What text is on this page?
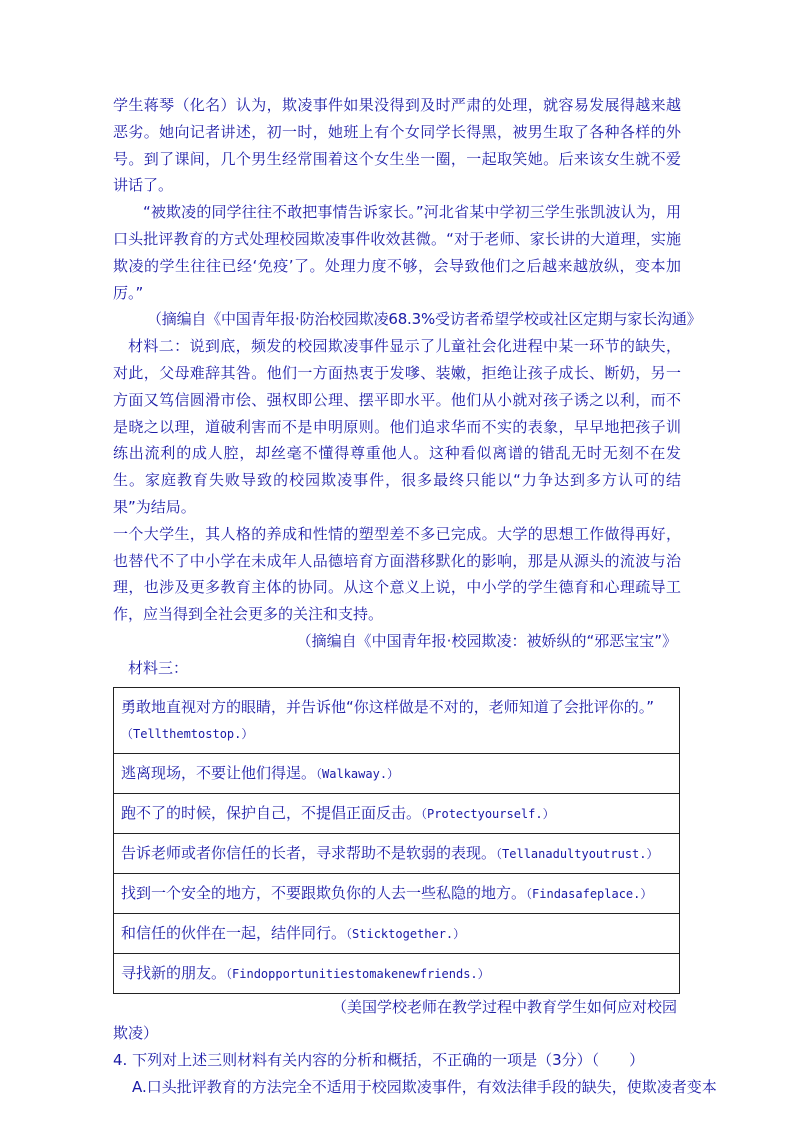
学生蒋琴（化名）认为，欺凌事件如果没得到及时严肃的处理，就容易发展得越来越恶劣。她向记者讲述，初一时，她班上有个女同学长得黑，被男生取了各种各样的外号。到了课间，几个男生经常围着这个女生坐一圈，一起取笑她。后来该女生就不爱讲话了。

“被欺凌的同学往往不敢把事情告诉家长。”河北省某中学初三学生张凯波认为，用口头批评教育的方式处理校园欺凌事件收效甚微。“对于老师、家长讲的大道理，实施欺凌的学生往往已经‘免疫’了。处理力度不够，会导致他们之后越来越放纵，变本加厉。”

（摘编自《中国青年报·防治校园欺凌68.3%受访者希望学校或社区定期与家长沟通》

材料二：说到底，频发的校园欺凌事件显示了儿童社会化进程中某一环节的缺失，对此，父母难辞其咎。他们一方面热衷于发嗲、装嫩，拒绝让孩子成长、断奶，另一方面又笃信圆滑市侩、强权即公理、摆平即水平。他们从小就对孩子诱之以利，而不是晓之以理，道破利害而不是申明原则。他们追求华而不实的表象，早早地把孩子训练出流利的成人腔，却丝毫不懂得尊重他人。这种看似离谱的错乱无时无刻不在发生。家庭教育失败导致的校园欺凌事件，很多最终只能以“力争达到多方认可的结果”为结局。

一个大学生，其人格的养成和性情的塑型差不多已完成。大学的思想工作做得再好，也替代不了中小学在未成年人品德培育方面潜移默化的影响，那是从源头的流波与治理，也涉及更多教育主体的协同。从这个意义上说，中小学的学生德育和心理疏导工作，应当得到全社会更多的关注和支持。

（摘编自《中国青年报·校园欺凌：被娇纵的“邪恶宝宝”》

材料三：

勇敢地直视对方的眼睛，并告诉他“你这样做是不对的，老师知道了会批评你的。”
（Tellthemtostop.）
逃离现场，不要让他们得逞。（Walkaway.）
跑不了的时候，保护自己，不提倡正面反击。（Protectyourself.）
告诉老师或者你信任的长者，寻求帮助不是软弱的表现。（Tellanadultyoutrust.）
找到一个安全的地方，不要跟欺负你的人去一些私隐的地方。（Findasafeplace.）
和信任的伙伴在一起，结伴同行。（Sticktogether.）
寻找新的朋友。（Findopportunitiestomakenewfriends.）

（美国学校老师在教学过程中教育学生如何应对校园

欺凌）

4. 下列对上述三则材料有关内容的分析和概括，不正确的一项是（3分）（　　）

A.口头批评教育的方法完全不适用于校园欺凌事件，有效法律手段的缺失，使欺凌者变本
